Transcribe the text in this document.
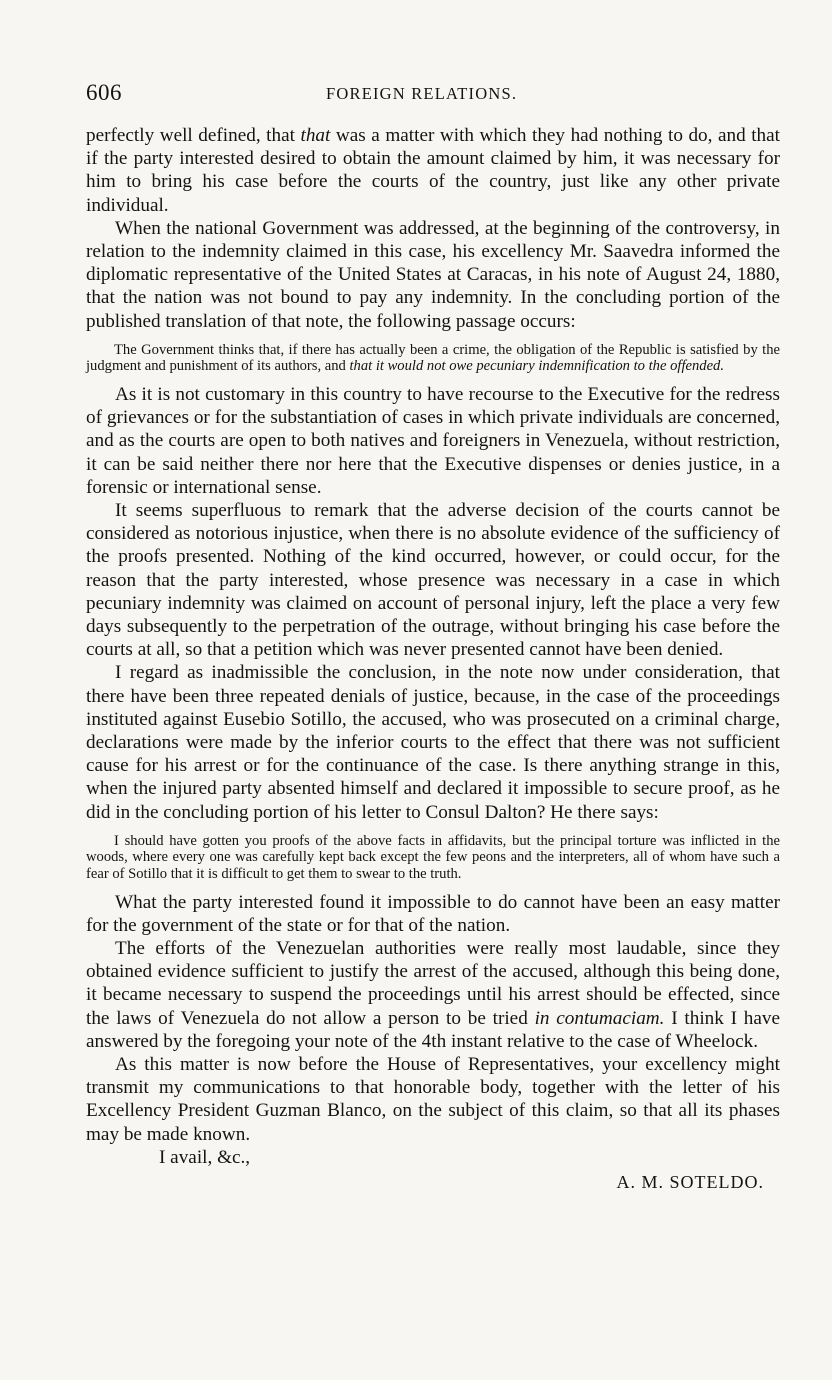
606	FOREIGN RELATIONS.

perfectly well defined, that that was a matter with which they had nothing to do, and that if the party interested desired to obtain the amount claimed by him, it was necessary for him to bring his case before the courts of the country, just like any other private individual.

When the national Government was addressed, at the beginning of the controversy, in relation to the indemnity claimed in this case, his excellency Mr. Saavedra informed the diplomatic representative of the United States at Caracas, in his note of August 24, 1880, that the nation was not bound to pay any indemnity. In the concluding portion of the published translation of that note, the following passage occurs:

The Government thinks that, if there has actually been a crime, the obligation of the Republic is satisfied by the judgment and punishment of its authors, and that it would not owe pecuniary indemnification to the offended.

As it is not customary in this country to have recourse to the Executive for the redress of grievances or for the substantiation of cases in which private individuals are concerned, and as the courts are open to both natives and foreigners in Venezuela, without restriction, it can be said neither there nor here that the Executive dispenses or denies justice, in a forensic or international sense.

It seems superfluous to remark that the adverse decision of the courts cannot be considered as notorious injustice, when there is no absolute evidence of the sufficiency of the proofs presented. Nothing of the kind occurred, however, or could occur, for the reason that the party interested, whose presence was necessary in a case in which pecuniary indemnity was claimed on account of personal injury, left the place a very few days subsequently to the perpetration of the outrage, without bringing his case before the courts at all, so that a petition which was never presented cannot have been denied.

I regard as inadmissible the conclusion, in the note now under consideration, that there have been three repeated denials of justice, because, in the case of the proceedings instituted against Eusebio Sotillo, the accused, who was prosecuted on a criminal charge, declarations were made by the inferior courts to the effect that there was not sufficient cause for his arrest or for the continuance of the case. Is there anything strange in this, when the injured party absented himself and declared it impossible to secure proof, as he did in the concluding portion of his letter to Consul Dalton? He there says:

I should have gotten you proofs of the above facts in affidavits, but the principal torture was inflicted in the woods, where every one was carefully kept back except the few peons and the interpreters, all of whom have such a fear of Sotillo that it is difficult to get them to swear to the truth.

What the party interested found it impossible to do cannot have been an easy matter for the government of the state or for that of the nation.

The efforts of the Venezuelan authorities were really most laudable, since they obtained evidence sufficient to justify the arrest of the accused, although this being done, it became necessary to suspend the proceedings until his arrest should be effected, since the laws of Venezuela do not allow a person to be tried in contumaciam. I think I have answered by the foregoing your note of the 4th instant relative to the case of Wheelock.

As this matter is now before the House of Representatives, your excellency might transmit my communications to that honorable body, together with the letter of his Excellency President Guzman Blanco, on the subject of this claim, so that all its phases may be made known.

I avail, &c.,

A. M. SOTELDO.
